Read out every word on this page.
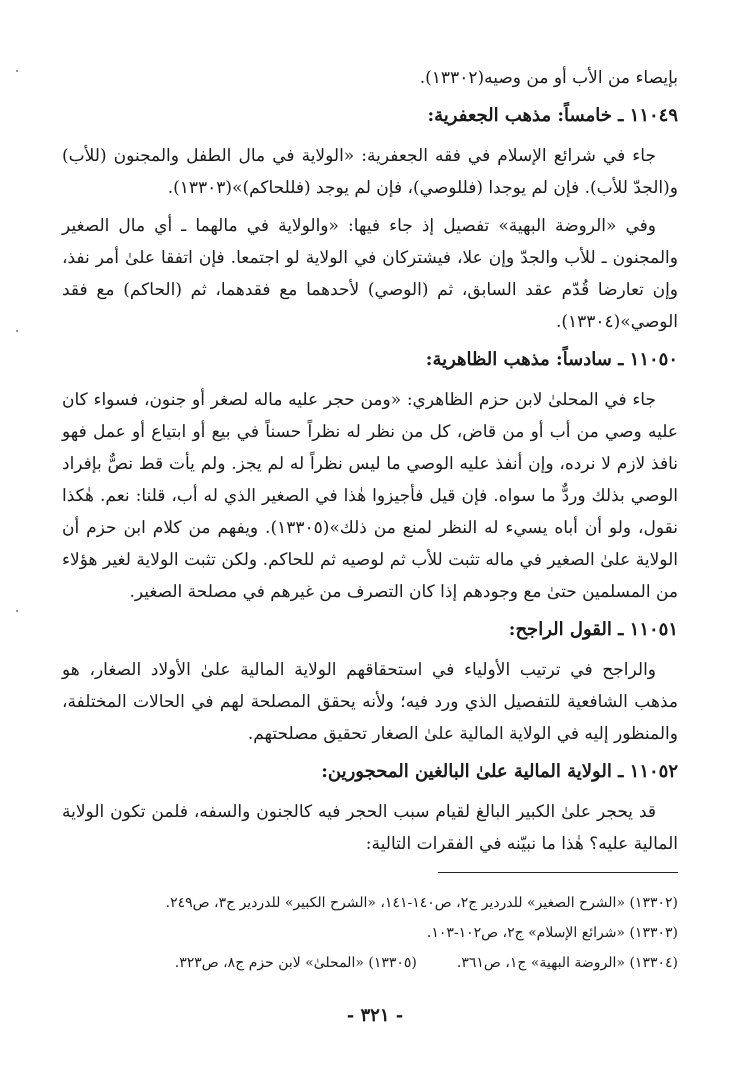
بإيصاء من الأب أو من وصيه(١٣٣٠٢).

١١٠٤٩ ـ خامساً: مذهب الجعفرية:

جاء في شرائع الإسلام في فقه الجعفرية: «الولاية في مال الطفل والمجنون (للأب) و(الجدّ للأب). فإن لم يوجدا (فللوصي)، فإن لم يوجد (فللحاكم)»(١٣٣٠٣).

وفي «الروضة البهية» تفصيل إذ جاء فيها: «والولاية في مالهما ـ أي مال الصغير والمجنون ـ للأب والجدّ وإن علا، فيشتركان في الولاية لو اجتمعا. فإن اتفقا علىٰ أمر نفذ، وإن تعارضا قُدّم عقد السابق، ثم (الوصي) لأحدهما مع فقدهما، ثم (الحاكم) مع فقد الوصي»(١٣٣٠٤).

١١٠٥٠ ـ سادساً: مذهب الظاهرية:

جاء في المحلىٰ لابن حزم الظاهري: «ومن حجر عليه ماله لصغر أو جنون، فسواء كان عليه وصي من أب أو من قاض، كل من نظر له نظراً حسناً في بيع أو ابتياع أو عمل فهو نافذ لازم لا نرده، وإن أنفذ عليه الوصي ما ليس نظراً له لم يجز. ولم يأت قط نصٌّ بإفراد الوصي بذلك وردٌّ ما سواه. فإن قيل فأجيزوا هٰذا في الصغير الذي له أب، قلنا: نعم. هٰكذا نقول، ولو أن أباه يسيء له النظر لمنع من ذلك»(١٣٣٠٥). ويفهم من كلام ابن حزم أن الولاية علىٰ الصغير في ماله تثبت للأب ثم لوصيه ثم للحاكم. ولكن تثبت الولاية لغير هؤلاء من المسلمين حتىٰ مع وجودهم إذا كان التصرف من غيرهم في مصلحة الصغير.

١١٠٥١ ـ القول الراجح:

والراجح في ترتيب الأولياء في استحقاقهم الولاية المالية علىٰ الأولاد الصغار، هو مذهب الشافعية للتفصيل الذي ورد فيه؛ ولأنه يحقق المصلحة لهم في الحالات المختلفة، والمنظور إليه في الولاية المالية علىٰ الصغار تحقيق مصلحتهم.

١١٠٥٢ ـ الولاية المالية علىٰ البالغين المحجورين:

قد يحجر علىٰ الكبير البالغ لقيام سبب الحجر فيه كالجنون والسفه، فلمن تكون الولاية المالية عليه؟ هٰذا ما نبيّنه في الفقرات التالية:

(١٣٣٠٢) «الشرح الصغير» للدردير ج٢، ص١٤٠-١٤١، «الشرح الكبير» للدردير ج٣، ص٢٤٩.

(١٣٣٠٣) «شرائع الإسلام» ج٢، ص١٠٢-١٠٣.

(١٣٣٠٤) «الروضة البهية» ج١، ص٣٦١.
(١٣٣٠٥) «المحلىٰ» لابن حزم ج٨، ص٣٢٣.
- ٣٢١ -
